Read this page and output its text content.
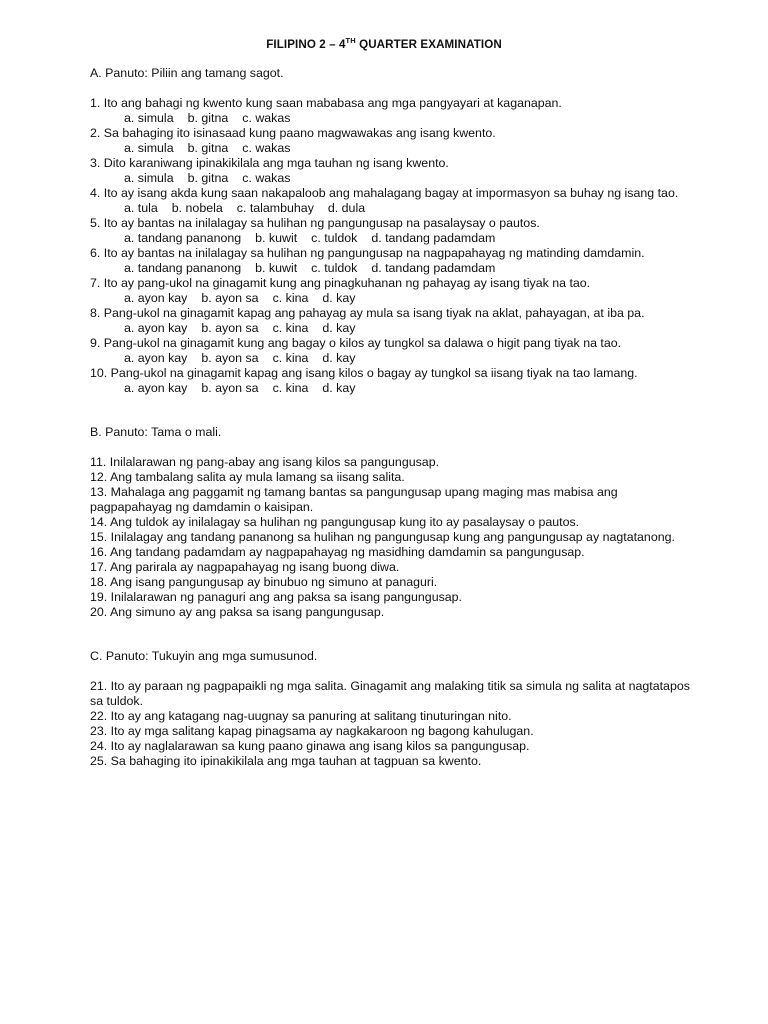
FILIPINO 2 – 4TH QUARTER EXAMINATION
A. Panuto: Piliin ang tamang sagot.
1. Ito ang bahagi ng kwento kung saan mababasa ang mga pangyayari at kaganapan.
a. simula b. gitna c. wakas
2. Sa bahaging ito isinasaad kung paano magwawakas ang isang kwento.
a. simula b. gitna c. wakas
3. Dito karaniwang ipinakikilala ang mga tauhan ng isang kwento.
a. simula b. gitna c. wakas
4. Ito ay isang akda kung saan nakapaloob ang mahalagang bagay at impormasyon sa buhay ng isang tao.
a. tula b. nobela c. talambuhay d. dula
5. Ito ay bantas na inilalagay sa hulihan ng pangungusap na pasalaysay o pautos.
a. tandang pananong b. kuwit c. tuldok d. tandang padamdam
6. Ito ay bantas na inilalagay sa hulihan ng pangungusap na nagpapahayag ng matinding damdamin.
a. tandang pananong b. kuwit c. tuldok d. tandang padamdam
7. Ito ay pang-ukol na ginagamit kung ang pinagkuhanan ng pahayag ay isang tiyak na tao.
a. ayon kay b. ayon sa c. kina d. kay
8. Pang-ukol na ginagamit kapag ang pahayag ay mula sa isang tiyak na aklat, pahayagan, at iba pa.
a. ayon kay b. ayon sa c. kina d. kay
9. Pang-ukol na ginagamit kung ang bagay o kilos ay tungkol sa dalawa o higit pang tiyak na tao.
a. ayon kay b. ayon sa c. kina d. kay
10. Pang-ukol na ginagamit kapag ang isang kilos o bagay ay tungkol sa iisang tiyak na tao lamang.
a. ayon kay b. ayon sa c. kina d. kay
B. Panuto: Tama o mali.
11. Inilalarawan ng pang-abay ang isang kilos sa pangungusap.
12. Ang tambalang salita ay mula lamang sa iisang salita.
13. Mahalaga ang paggamit ng tamang bantas sa pangungusap upang maging mas mabisa ang pagpapahayag ng damdamin o kaisipan.
14. Ang tuldok ay inilalagay sa hulihan ng pangungusap kung ito ay pasalaysay o pautos.
15. Inilalagay ang tandang pananong sa hulihan ng pangungusap kung ang pangungusap ay nagtatanong.
16. Ang tandang padamdam ay nagpapahayag ng masidhing damdamin sa pangungusap.
17. Ang parirala ay nagpapahayag ng isang buong diwa.
18. Ang isang pangungusap ay binubuo ng simuno at panaguri.
19. Inilalarawan ng panaguri ang ang paksa sa isang pangungusap.
20. Ang simuno ay ang paksa sa isang pangungusap.
C. Panuto: Tukuyin ang mga sumusunod.
21. Ito ay paraan ng pagpapaikli ng mga salita. Ginagamit ang malaking titik sa simula ng salita at nagtatapos sa tuldok.
22. Ito ay ang katagang nag-uugnay sa panuring at salitang tinuturingan nito.
23. Ito ay mga salitang kapag pinagsama ay nagkakaroon ng bagong kahulugan.
24. Ito ay naglalarawan sa kung paano ginawa ang isang kilos sa pangungusap.
25. Sa bahaging ito ipinakikilala ang mga tauhan at tagpuan sa kwento.
